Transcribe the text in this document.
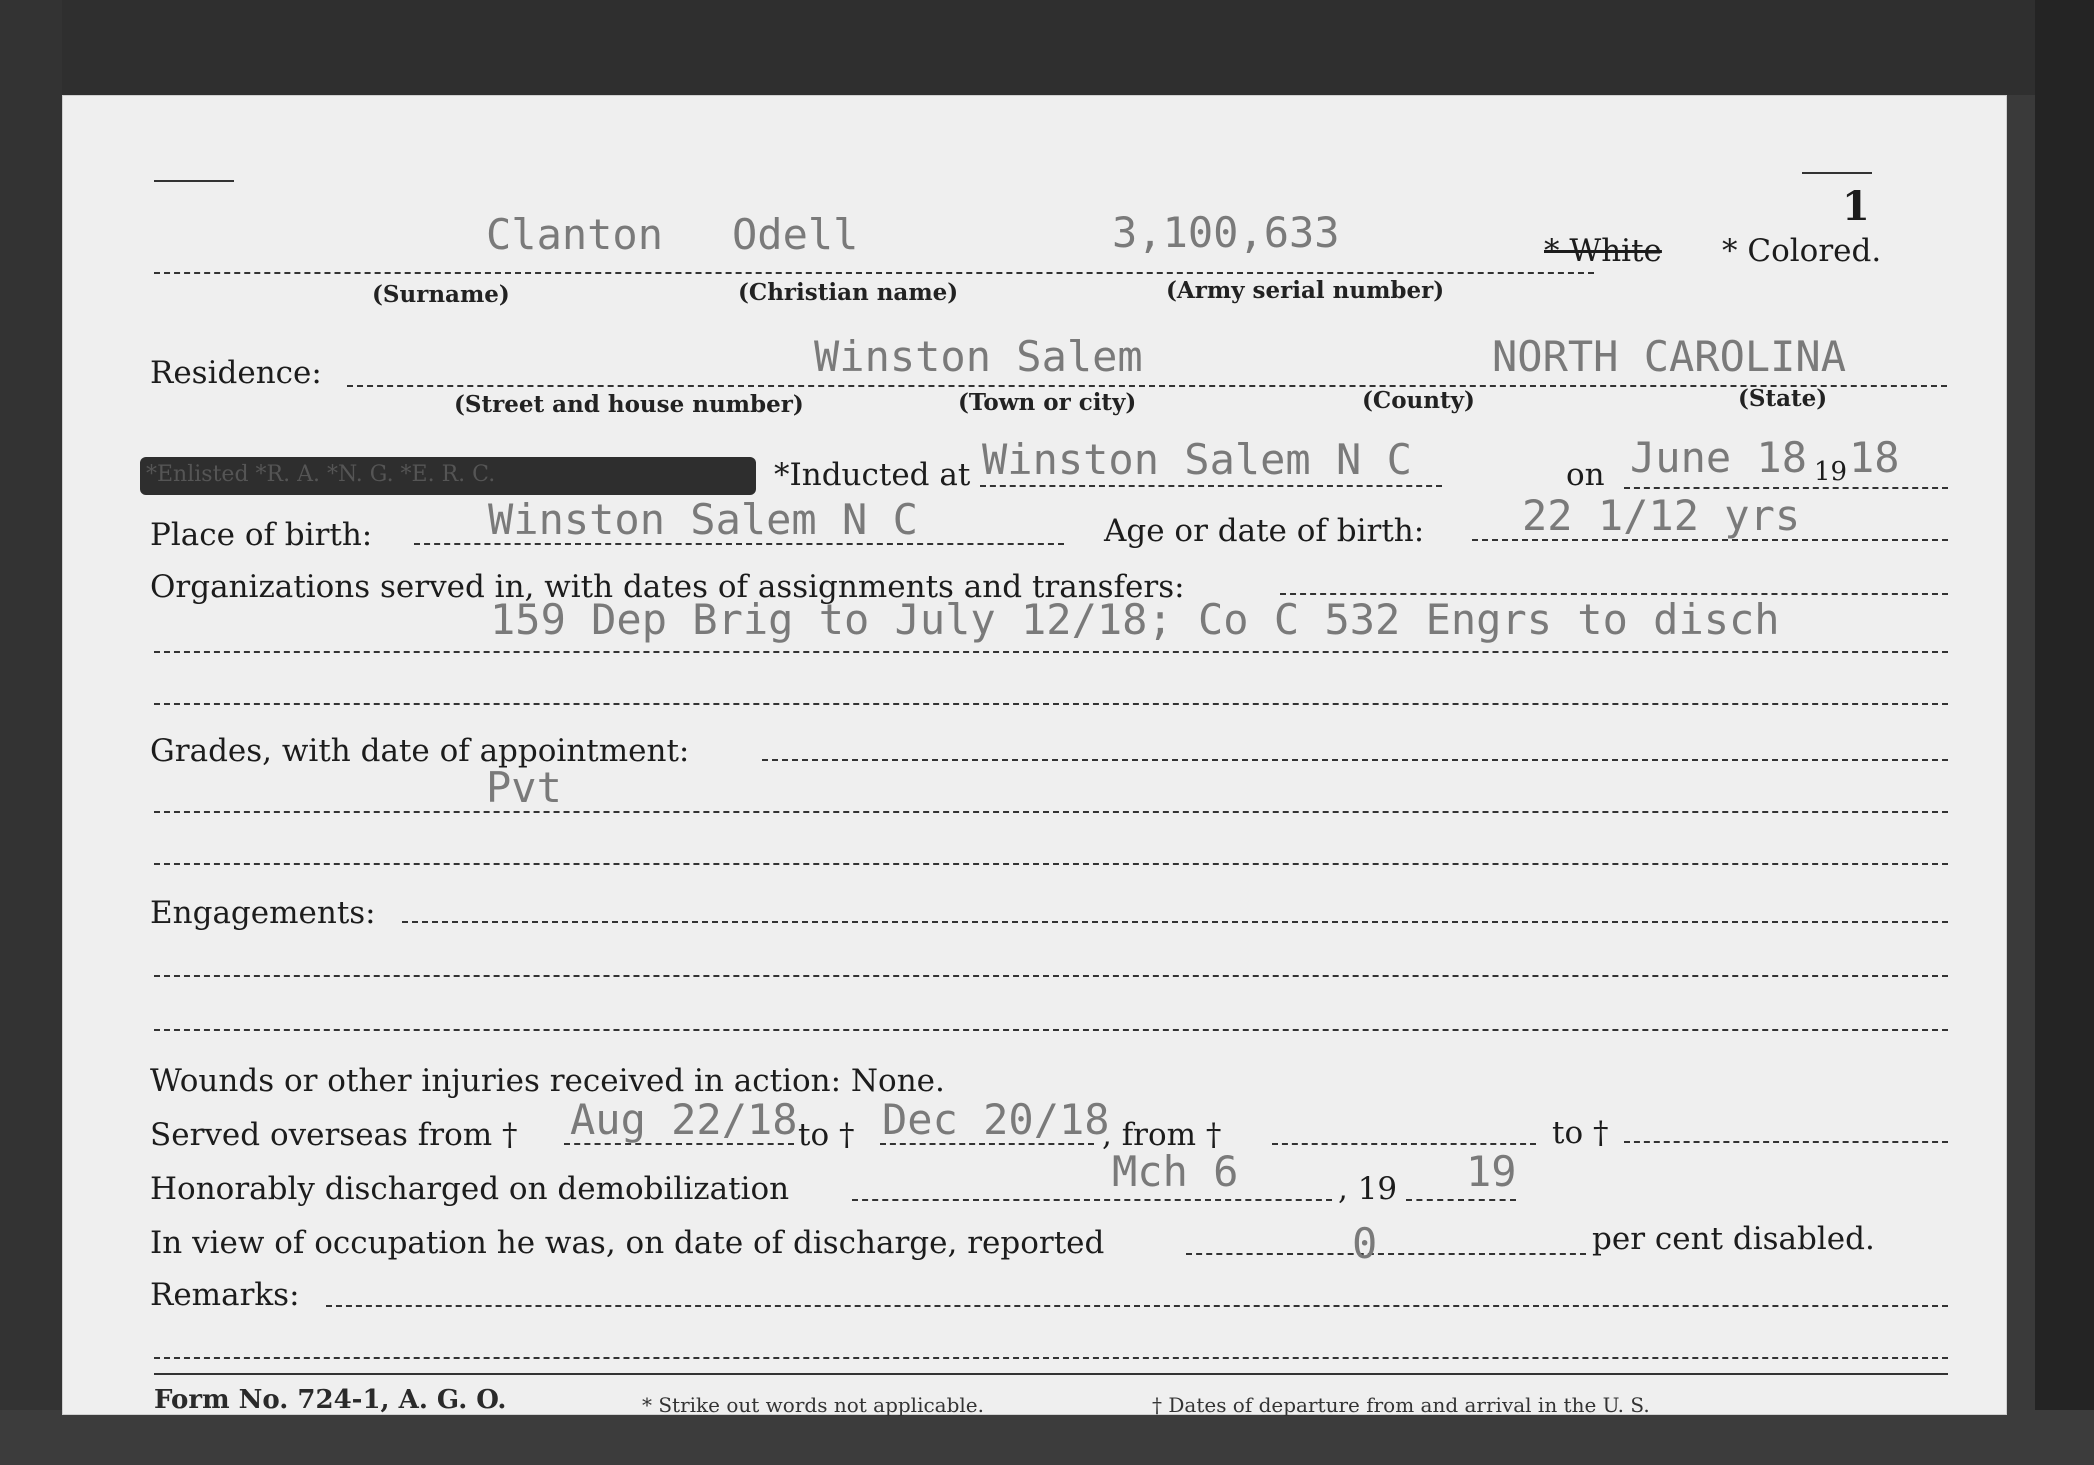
1
Clanton Odell	3,100,633	* White * Colored.
(Surname)	(Christian name)	(Army serial number)
Residence:	Winston Salem	NORTH CAROLINA
(Street and house number)	(Town or city)	(County)	(State)
*Enlisted *R. A. *N. G. *E. R. C.	*Inducted at Winston Salem N C	on June 18 19 18
Place of birth:	Winston Salem N C	Age or date of birth: 22 1/12 yrs
Organizations served in, with dates of assignments and transfers:
159 Dep Brig to July 12/18; Co C 532 Engrs to disch
Grades, with date of appointment:
Pvt
Engagements:
Wounds or other injuries received in action: None.
Served overseas from † Aug 22/18 to † Dec 20/18
, from †	to †
Honorably discharged on demobilization	Mch 6	, 19 19
In view of occupation he was, on date of discharge, reported	0	per cent disabled.
Remarks:
Form No. 724-1, A. G. O.	* Strike out words not applicable.	† Dates of departure from and arrival in the U. S.
